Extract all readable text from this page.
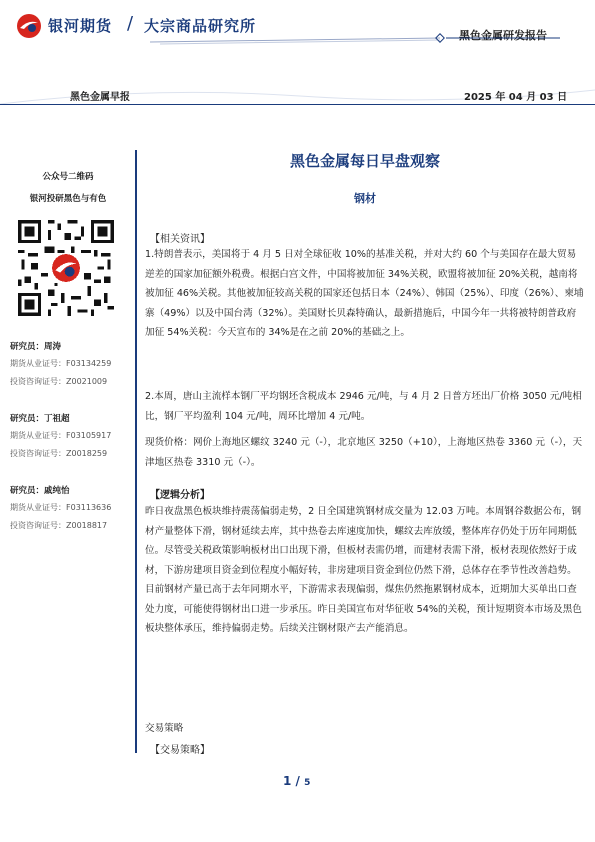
银河期货 / 大宗商品研究所
黑色金属研发报告
黑色金属早报	2025 年 04 月 03 日
公众号二维码
银河投研黑色与有色
研究员：周涛
期货从业证号：F03134259
投资咨询证号：Z0021009
研究员：丁祖超
期货从业证号：F03105917
投资咨询证号：Z0018259
研究员：戚纯怡
期货从业证号：F03113636
投资咨询证号：Z0018817
黑色金属每日早盘观察
钢材
【相关资讯】
1.特朗普表示，美国将于 4 月 5 日对全球征收 10%的基准关税，并对大约 60 个与美国存在最大贸易逆差的国家加征额外税费。根据白宫文件，中国将被加征 34%关税，欧盟将被加征 20%关税，越南将被加征 46%关税。其他被加征较高关税的国家还包括日本（24%）、韩国（25%）、印度（26%）、柬埔寨（49%）以及中国台湾（32%）。美国财长贝森特确认，最新措施后，中国今年一共将被特朗普政府加征 54%关税：今天宣布的 34%是在之前 20%的基础之上。
2.本周，唐山主流样本钢厂平均钢坯含税成本 2946 元/吨，与 4 月 2 日普方坯出厂价格 3050 元/吨相比，钢厂平均盈利 104 元/吨，周环比增加 4 元/吨。
现货价格：网价上海地区螺纹 3240 元（-），北京地区 3250（+10），上海地区热卷 3360 元（-），天津地区热卷 3310 元（-）。
【逻辑分析】
昨日夜盘黑色板块维持震荡偏弱走势，2 日全国建筑钢材成交量为 12.03 万吨。本周钢谷数据公布，钢材产量整体下滑，钢材延续去库，其中热卷去库速度加快，螺纹去库放缓，整体库存仍处于历年同期低位。尽管受关税政策影响板材出口出现下滑，但板材表需仍增，而建材表需下滑，板材表现依然好于成材，下游房建项目资金到位程度小幅好转，非房建项目资金到位仍然下滑，总体存在季节性改善趋势。目前钢材产量已高于去年同期水平，下游需求表现偏弱，煤焦仍然拖累钢材成本，近期加大买单出口查处力度，可能使得钢材出口进一步承压。昨日美国宣布对华征收 54%的关税，预计短期资本市场及黑色板块整体承压，维持偏弱走势。后续关注钢材限产去产能消息。
交易策略
【交易策略】
1 / 5
